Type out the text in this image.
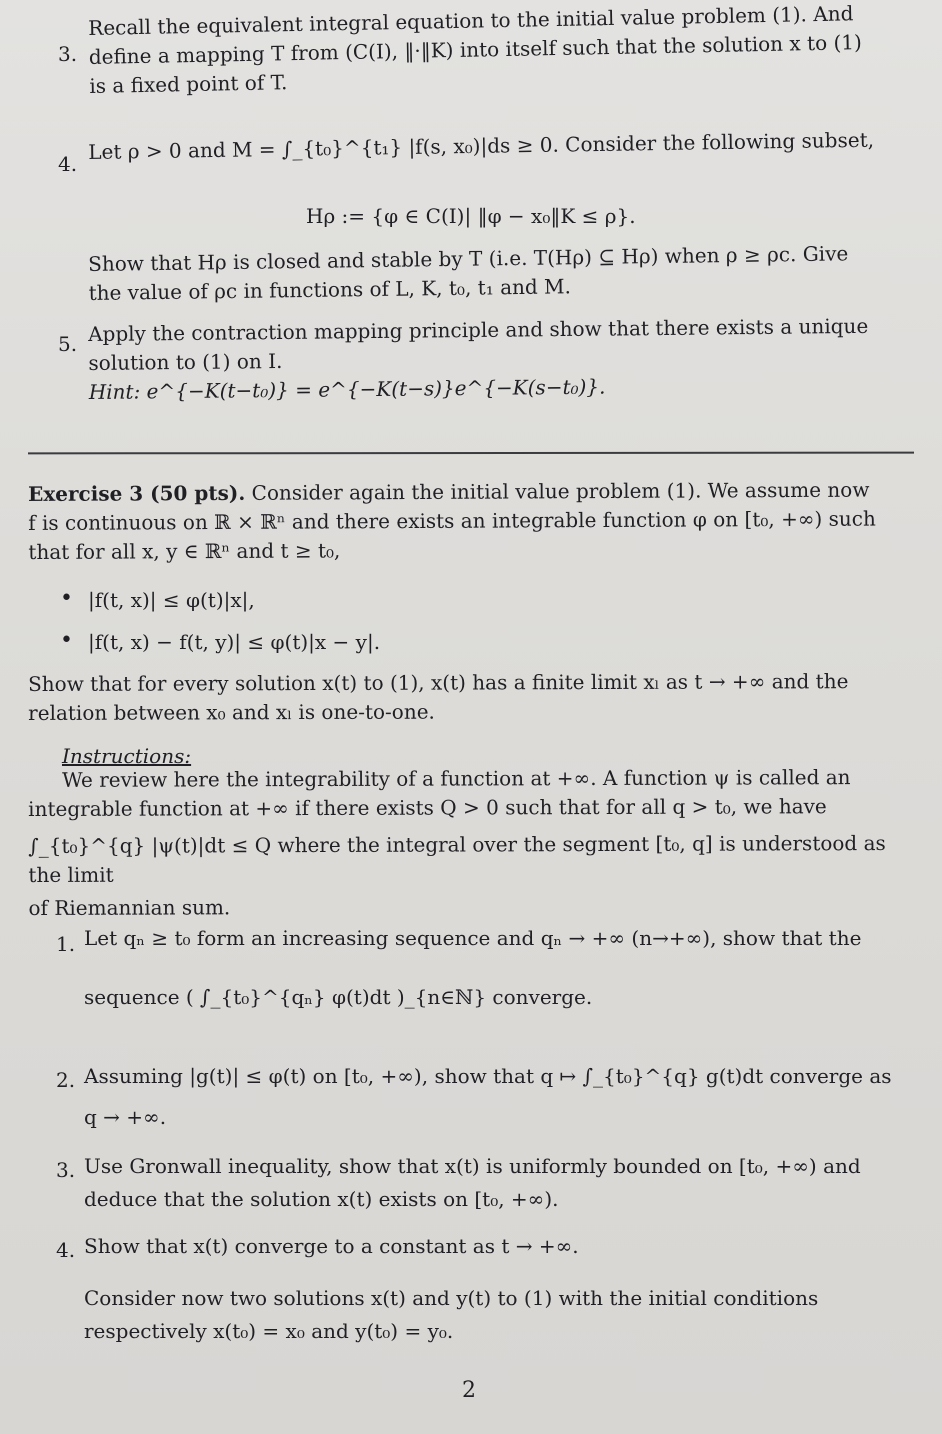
3.
Recall the equivalent integral equation to the initial value problem (1). And
define a mapping T from (C(I), ‖·‖K) into itself such that the solution x to (1)
is a fixed point of T.
4.
Let ρ > 0 and M = ∫_{t₀}^{t₁} |f(s, x₀)|ds ≥ 0. Consider the following subset,
Hρ := {φ ∈ C(I)| ‖φ − x₀‖K ≤ ρ}.
Show that Hρ is closed and stable by T (i.e. T(Hρ) ⊆ Hρ) when ρ ≥ ρc. Give
the value of ρc in functions of L, K, t₀, t₁ and M.
5. Apply the contraction mapping principle and show that there exists a unique
solution to (1) on I.
Hint: e^{−K(t−t₀)} = e^{−K(t−s)}e^{−K(s−t₀)}.
Exercise 3 (50 pts). Consider again the initial value problem (1). We assume now
f is continuous on ℝ × ℝⁿ and there exists an integrable function φ on [t₀, +∞) such
that for all x, y ∈ ℝⁿ and t ≥ t₀,
• |f(t, x)| ≤ φ(t)|x|,
• |f(t, x) − f(t, y)| ≤ φ(t)|x − y|.
Show that for every solution x(t) to (1), x(t) has a finite limit xₗ as t → +∞ and the
relation between x₀ and xₗ is one-to-one.
Instructions:
We review here the integrability of a function at +∞. A function ψ is called an
integrable function at +∞ if there exists Q > 0 such that for all q > t₀, we have
∫_{t₀}^{q} |ψ(t)|dt ≤ Q where the integral over the segment [t₀, q] is understood as the limit
of Riemannian sum.
1. Let qₙ ≥ t₀ form an increasing sequence and qₙ → +∞ (n→+∞), show that the
sequence ( ∫_{t₀}^{qₙ} φ(t)dt )_{n∈ℕ} converge.
2. Assuming |g(t)| ≤ φ(t) on [t₀, +∞), show that q ↦ ∫_{t₀}^{q} g(t)dt converge as
q → +∞.
3. Use Gronwall inequality, show that x(t) is uniformly bounded on [t₀, +∞) and
deduce that the solution x(t) exists on [t₀, +∞).
4. Show that x(t) converge to a constant as t → +∞.
Consider now two solutions x(t) and y(t) to (1) with the initial conditions
respectively x(t₀) = x₀ and y(t₀) = y₀.
2
